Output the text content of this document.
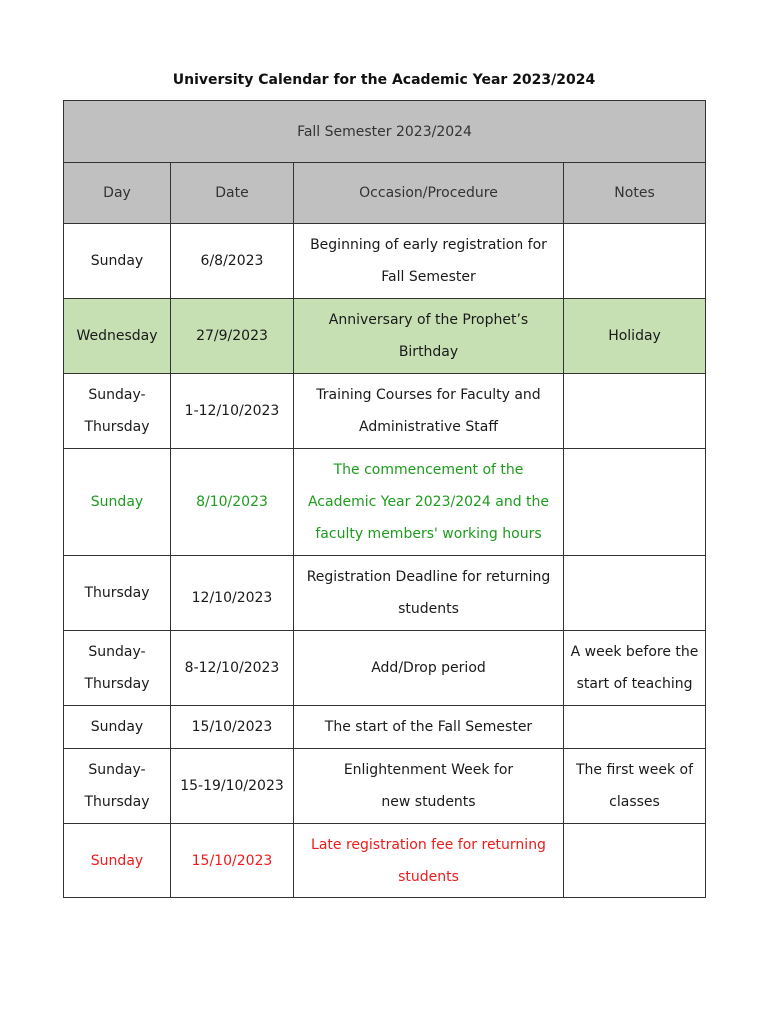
University Calendar for the Academic Year 2023/2024
Fall Semester 2023/2024			
Day	Date	Occasion/Procedure	Notes
Sunday	6/8/2023	Beginning of early registration for Fall Semester	
Wednesday	27/9/2023	Anniversary of the Prophet’s Birthday	Holiday
Sunday-Thursday	1-12/10/2023	Training Courses for Faculty and Administrative Staff	
Sunday	8/10/2023	The commencement of the Academic Year 2023/2024 and the faculty members' working hours	
Thursday	12/10/2023	Registration Deadline for returning students	
Sunday-Thursday	8-12/10/2023	Add/Drop period	A week before the start of teaching
Sunday	15/10/2023	The start of the Fall Semester	
Sunday-Thursday	15-19/10/2023	Enlightenment Week for new students	The first week of classes
Sunday	15/10/2023	Late registration fee for returning students	
